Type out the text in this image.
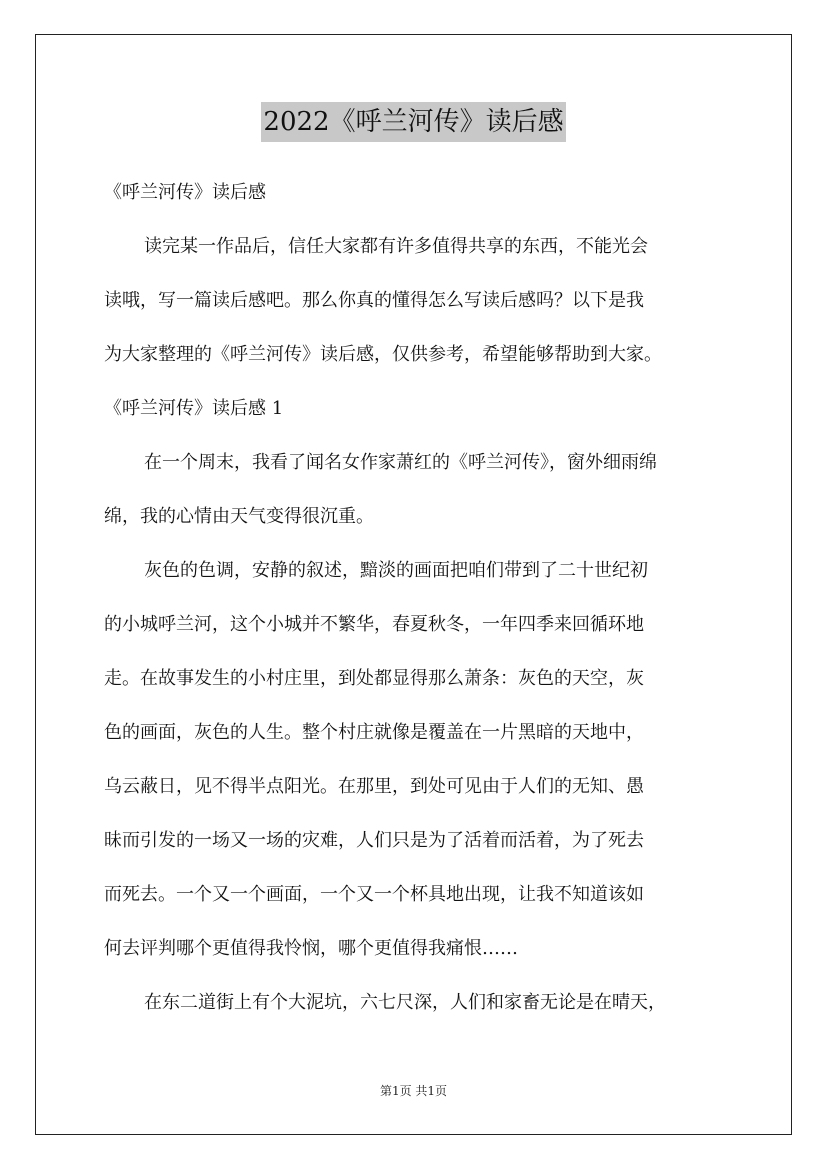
2022《呼兰河传》读后感
《呼兰河传》读后感
读完某一作品后，信任大家都有许多值得共享的东西，不能光会
读哦，写一篇读后感吧。那么你真的懂得怎么写读后感吗？以下是我
为大家整理的《呼兰河传》读后感，仅供参考，希望能够帮助到大家。
《呼兰河传》读后感 1
在一个周末，我看了闻名女作家萧红的《呼兰河传》，窗外细雨绵
绵，我的心情由天气变得很沉重。
灰色的色调，安静的叙述，黯淡的画面把咱们带到了二十世纪初
的小城呼兰河，这个小城并不繁华，春夏秋冬，一年四季来回循环地
走。在故事发生的小村庄里，到处都显得那么萧条：灰色的天空，灰
色的画面，灰色的人生。整个村庄就像是覆盖在一片黑暗的天地中，
乌云蔽日，见不得半点阳光。在那里，到处可见由于人们的无知、愚
昧而引发的一场又一场的灾难，人们只是为了活着而活着，为了死去
而死去。一个又一个画面，一个又一个杯具地出现，让我不知道该如
何去评判哪个更值得我怜悯，哪个更值得我痛恨……
在东二道街上有个大泥坑，六七尺深，人们和家畜无论是在晴天，
第1页 共1页
